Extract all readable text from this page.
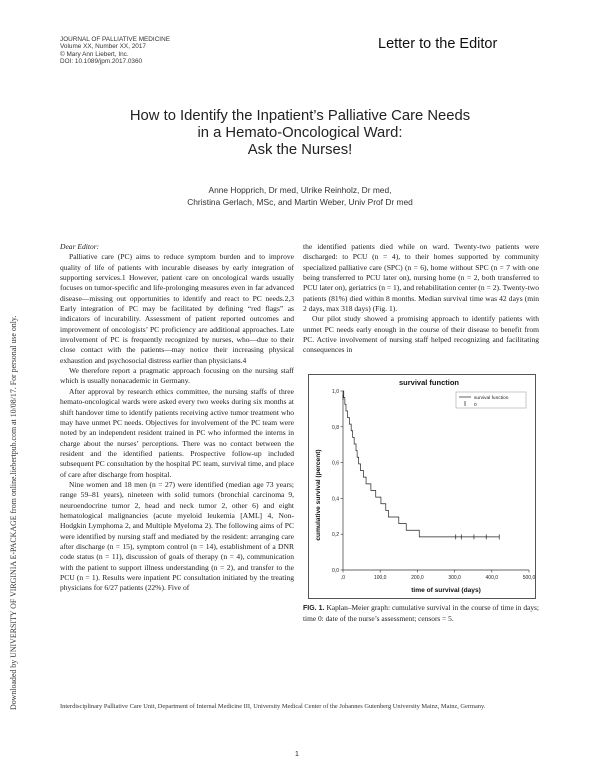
Downloaded by UNIVERSITY OF VIRGINIA E-PACKAGE from online.liebertpub.com at 10/08/17. For personal use only.
JOURNAL OF PALLIATIVE MEDICINE
Volume XX, Number XX, 2017
© Mary Ann Liebert, Inc.
DOI: 10.1089/jpm.2017.0360
Letter to the Editor
How to Identify the Inpatient’s Palliative Care Needs
in a Hemato-Oncological Ward:
Ask the Nurses!
Anne Hopprich, Dr med, Ulrike Reinholz, Dr med,
Christina Gerlach, MSc, and Martin Weber, Univ Prof Dr med

Dear Editor:

Palliative care (PC) aims to reduce symptom burden and to improve quality of life of patients with incurable diseases by early integration of supporting services.1 However, patient care on oncological wards usually focuses on tumor-specific and life-prolonging measures even in far advanced disease—missing out opportunities to identify and react to PC needs.2,3 Early integration of PC may be facilitated by defining “red flags” as indicators of incurability. Assessment of patient reported outcomes and improvement of oncologists’ PC proficiency are additional approaches. Late involvement of PC is frequently recognized by nurses, who—due to their close contact with the patients—may notice their increasing physical exhaustion and psychosocial distress earlier than physicians.4

We therefore report a pragmatic approach focusing on the nursing staff which is usually nonacademic in Germany.

After approval by research ethics committee, the nursing staffs of three hemato-oncological wards were asked every two weeks during six months at shift handover time to identify patients receiving active tumor treatment who may have unmet PC needs. Objectives for involvement of the PC team were noted by an independent resident trained in PC who informed the interns in charge about the nurses’ perceptions. There was no contact between the resident and the identified patients. Prospective follow-up included subsequent PC consultation by the hospital PC team, survival time, and place of care after discharge from hospital.

Nine women and 18 men (n = 27) were identified (median age 73 years; range 59–81 years), nineteen with solid tumors (bronchial carcinoma 9, neuroendocrine tumor 2, head and neck tumor 2, other 6) and eight hematological malignancies (acute myeloid leukemia [AML] 4, Non-Hodgkin Lymphoma 2, and Multiple Myeloma 2). The following aims of PC were identified by nursing staff and mediated by the resident: arranging care after discharge (n = 15), symptom control (n = 14), establishment of a DNR code status (n = 11), discussion of goals of therapy (n = 4), communication with the patient to support illness understanding (n = 2), and transfer to the PCU (n = 1). Results were inpatient PC consultation initiated by the treating physicians for 6/27 patients (22%). Five of

the identified patients died while on ward. Twenty-two patients were discharged: to PCU (n = 4), to their homes supported by community specialized palliative care (SPC) (n = 6), home without SPC (n = 7 with one being transferred to PCU later on), nursing home (n = 2, both transferred to PCU later on), geriatrics (n = 1), and rehabilitation center (n = 2). Twenty-two patients (81%) died within 8 months. Median survival time was 42 days (min 2 days, max 318 days) (Fig. 1).

Our pilot study showed a promising approach to identify patients with unmet PC needs early enough in the course of their disease to benefit from PC. Active involvement of nursing staff helped recognizing and facilitating consequences in

survival function
0,0
0,2
0,4
0,6
0,8
1,0
,0	100,0	200,0	300,0	400,0	500,0
survival function
0
time of survival (days)
cumulative survival (percent)
FIG. 1. Kaplan–Meier graph: cumulative survival in the course of time in days; time 0: date of the nurse’s assessment; censors = 5.
Interdisciplinary Palliative Care Unit, Department of Internal Medicine III, University Medical Center of the Johannes Gutenberg University Mainz, Mainz, Germany.
1
